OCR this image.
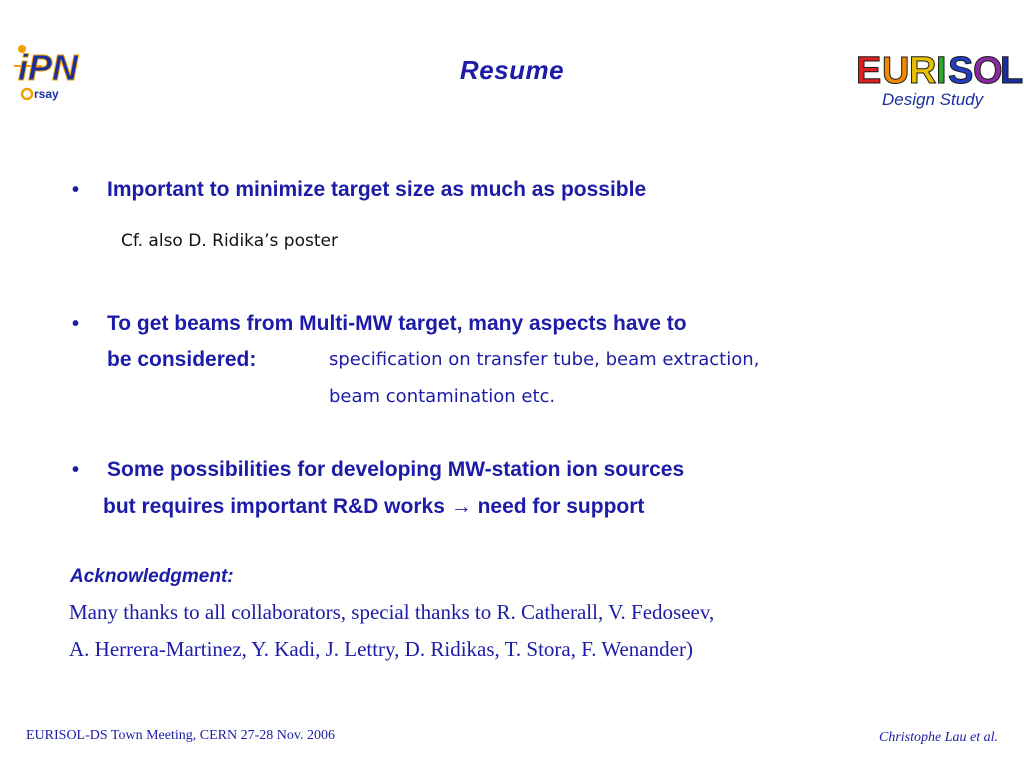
iPN
rsay
E U R I S O
L
Design Study
Resume
• Important to minimize target size as much as possible
Cf. also D. Ridika’s poster
• To get beams from Multi-MW target, many aspects have to
be considered:	specification on transfer tube, beam extraction,
beam contamination etc.
• Some possibilities for developing MW-station ion sources
but requires important R&D works → need for support
Acknowledgment:
Many thanks to all collaborators, special thanks to R. Catherall, V. Fedoseev,
A. Herrera-Martinez, Y. Kadi, J. Lettry, D. Ridikas, T. Stora, F. Wenander)
EURISOL-DS Town Meeting, CERN 27-28 Nov. 2006	Christophe Lau et al.
